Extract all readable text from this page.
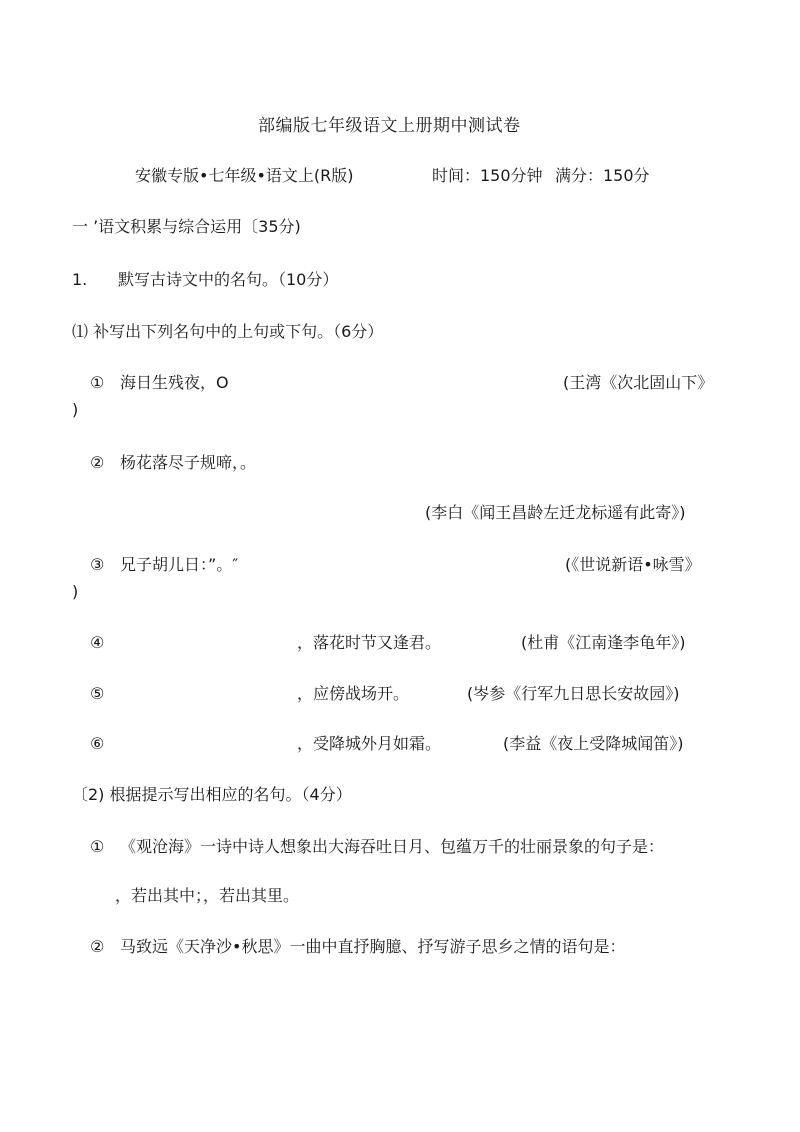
部编版七年级语文上册期中测试卷
安徽专版•七年级•语文上(R版)	时间：150分钟 满分：150分
一 ’语文积累与综合运用〔35分)
1. 默写古诗文中的名句。（10分）
⑴ 补写出下列名句中的上句或下句。（6分）
① 海日生残夜，O	(王湾《次北固山下》
)
② 杨花落尽子规啼，。
(李白《闻王昌龄左迁龙标遥有此寄》)
③ 兄子胡儿日：”。″	(《世说新语•咏雪》
)
④	，落花时节又逢君。	(杜甫《江南逢李龟年》)
⑤	，应傍战场开。	(岑参《行军九日思长安故园》)
⑥	，受降城外月如霜。	(李益《夜上受降城闻笛》)
〔2) 根据提示写出相应的名句。（4分）
① 《观沧海》一诗中诗人想象出大海吞吐日月、包蕴万千的壮丽景象的句子是：
，若出其中；，若出其里。
② 马致远《天净沙•秋思》一曲中直抒胸臆、抒写游子思乡之情的语句是：
